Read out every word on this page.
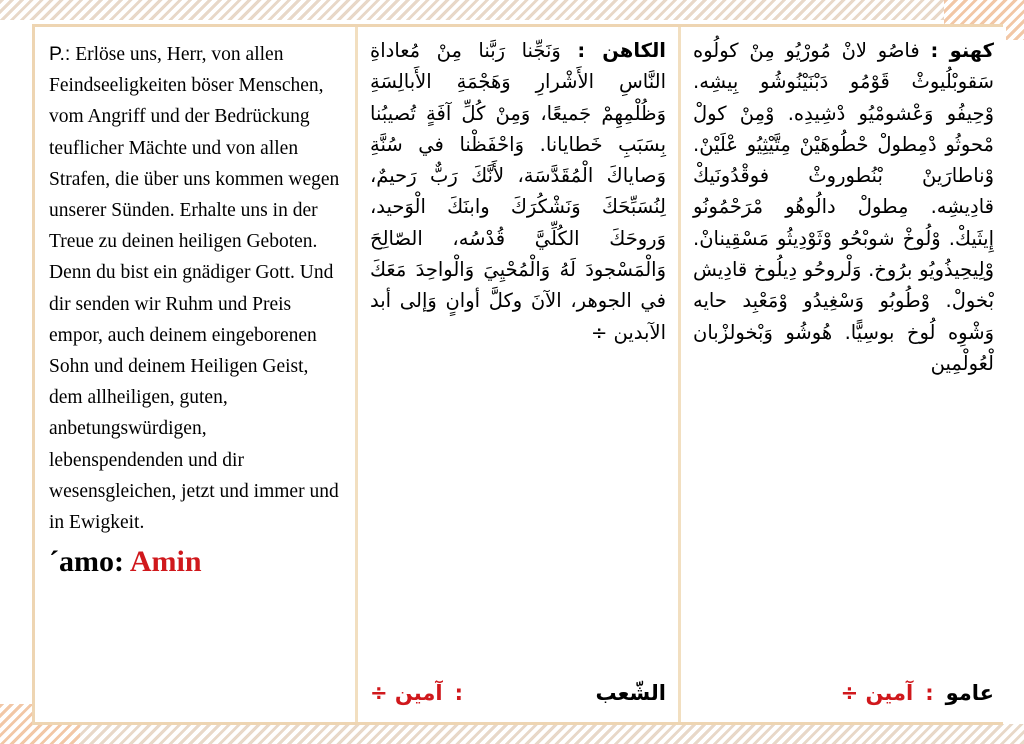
P.: Erlöse uns, Herr, von allen Feindseeligkeiten böser Menschen, vom Angriff und der Bedrückung teuflicher Mächte und von allen Strafen, die über uns kommen wegen unserer Sünden. Erhalte uns in der Treue zu deinen heiligen Geboten. Denn du bist ein gnädiger Gott. Und dir senden wir Ruhm und Preis empor, auch deinem eingeborenen Sohn und deinem Heiligen Geist, dem allheiligen, guten, anbetungswürdigen, lebenspendenden und dir wesensgleichen, jetzt und immer und in Ewigkeit.

´amo: Amin

الكاهن : وَنَجِّنا رَبَّنا مِنْ مُعاداةِ النَّاسِ الأَشْرارِ وَهَجْمَةِ الأَبالِسَةِ وَظُلْمِهِمْ جَميعًا، وَمِنْ كُلِّ آفَةٍ تُصيبُنا بِسَبَبِ خَطايانا. وَاحْفَظْنا في سُنَّةِ وَصاياكَ الْمُقَدَّسَة، لأَنَّكَ رَبٌّ رَحيمٌ، لِنُسَبِّحَكَ وَنَشْكُرَكَ وابنَكَ الْوَحيد، وَروحَكَ الكُلِّيَّ قُدْسُه، الصّالِحَ وَالْمَسْجودَ لَهُ وَالْمُحْيِيَ وَالْواحِدَ مَعَكَ في الجوهر، الآنَ وكلَّ أوانٍ وَإلى أبد الآبدين ÷

الشّعب
:
آمين ÷

كهنو : فاصُو لانْ مُورْيُو مِنْ كولُوه سَقوبْلُيوثْ قَوْمُو دَبْنَيْنُوشُو بِيشِه. وْحِيفُو وَعْشومْيُو دْشِيدِه. وْمِنْ كولْ مْحوثُو دْمِطولْ حْطُوهَيْنْ مِتَّيْثِيُو عْلَيْنْ. وْناطارَينْ بْنُطوروثْ فوقْدُونَيكْ قادِيشِه. مِطولْ دالُوهُو مْرَحْمُونُو إِيثَيكْ. وْلُوخْ شوبْحُو وْثَوْدِيثُو مَسْقِينانْ. وْلِيحِيذُويُو برُوخ. وَلْروحُو دِيلُوخ قادِيش بْخولْ. وْطُوبُو وَسْغِيدُو وْمَعْبِد حايه وَشْوِه لُوخ بوسِيًّا. هُوشُو وَبْخولزْبان لْعُولْمِين

عامو
:
آمين ÷
